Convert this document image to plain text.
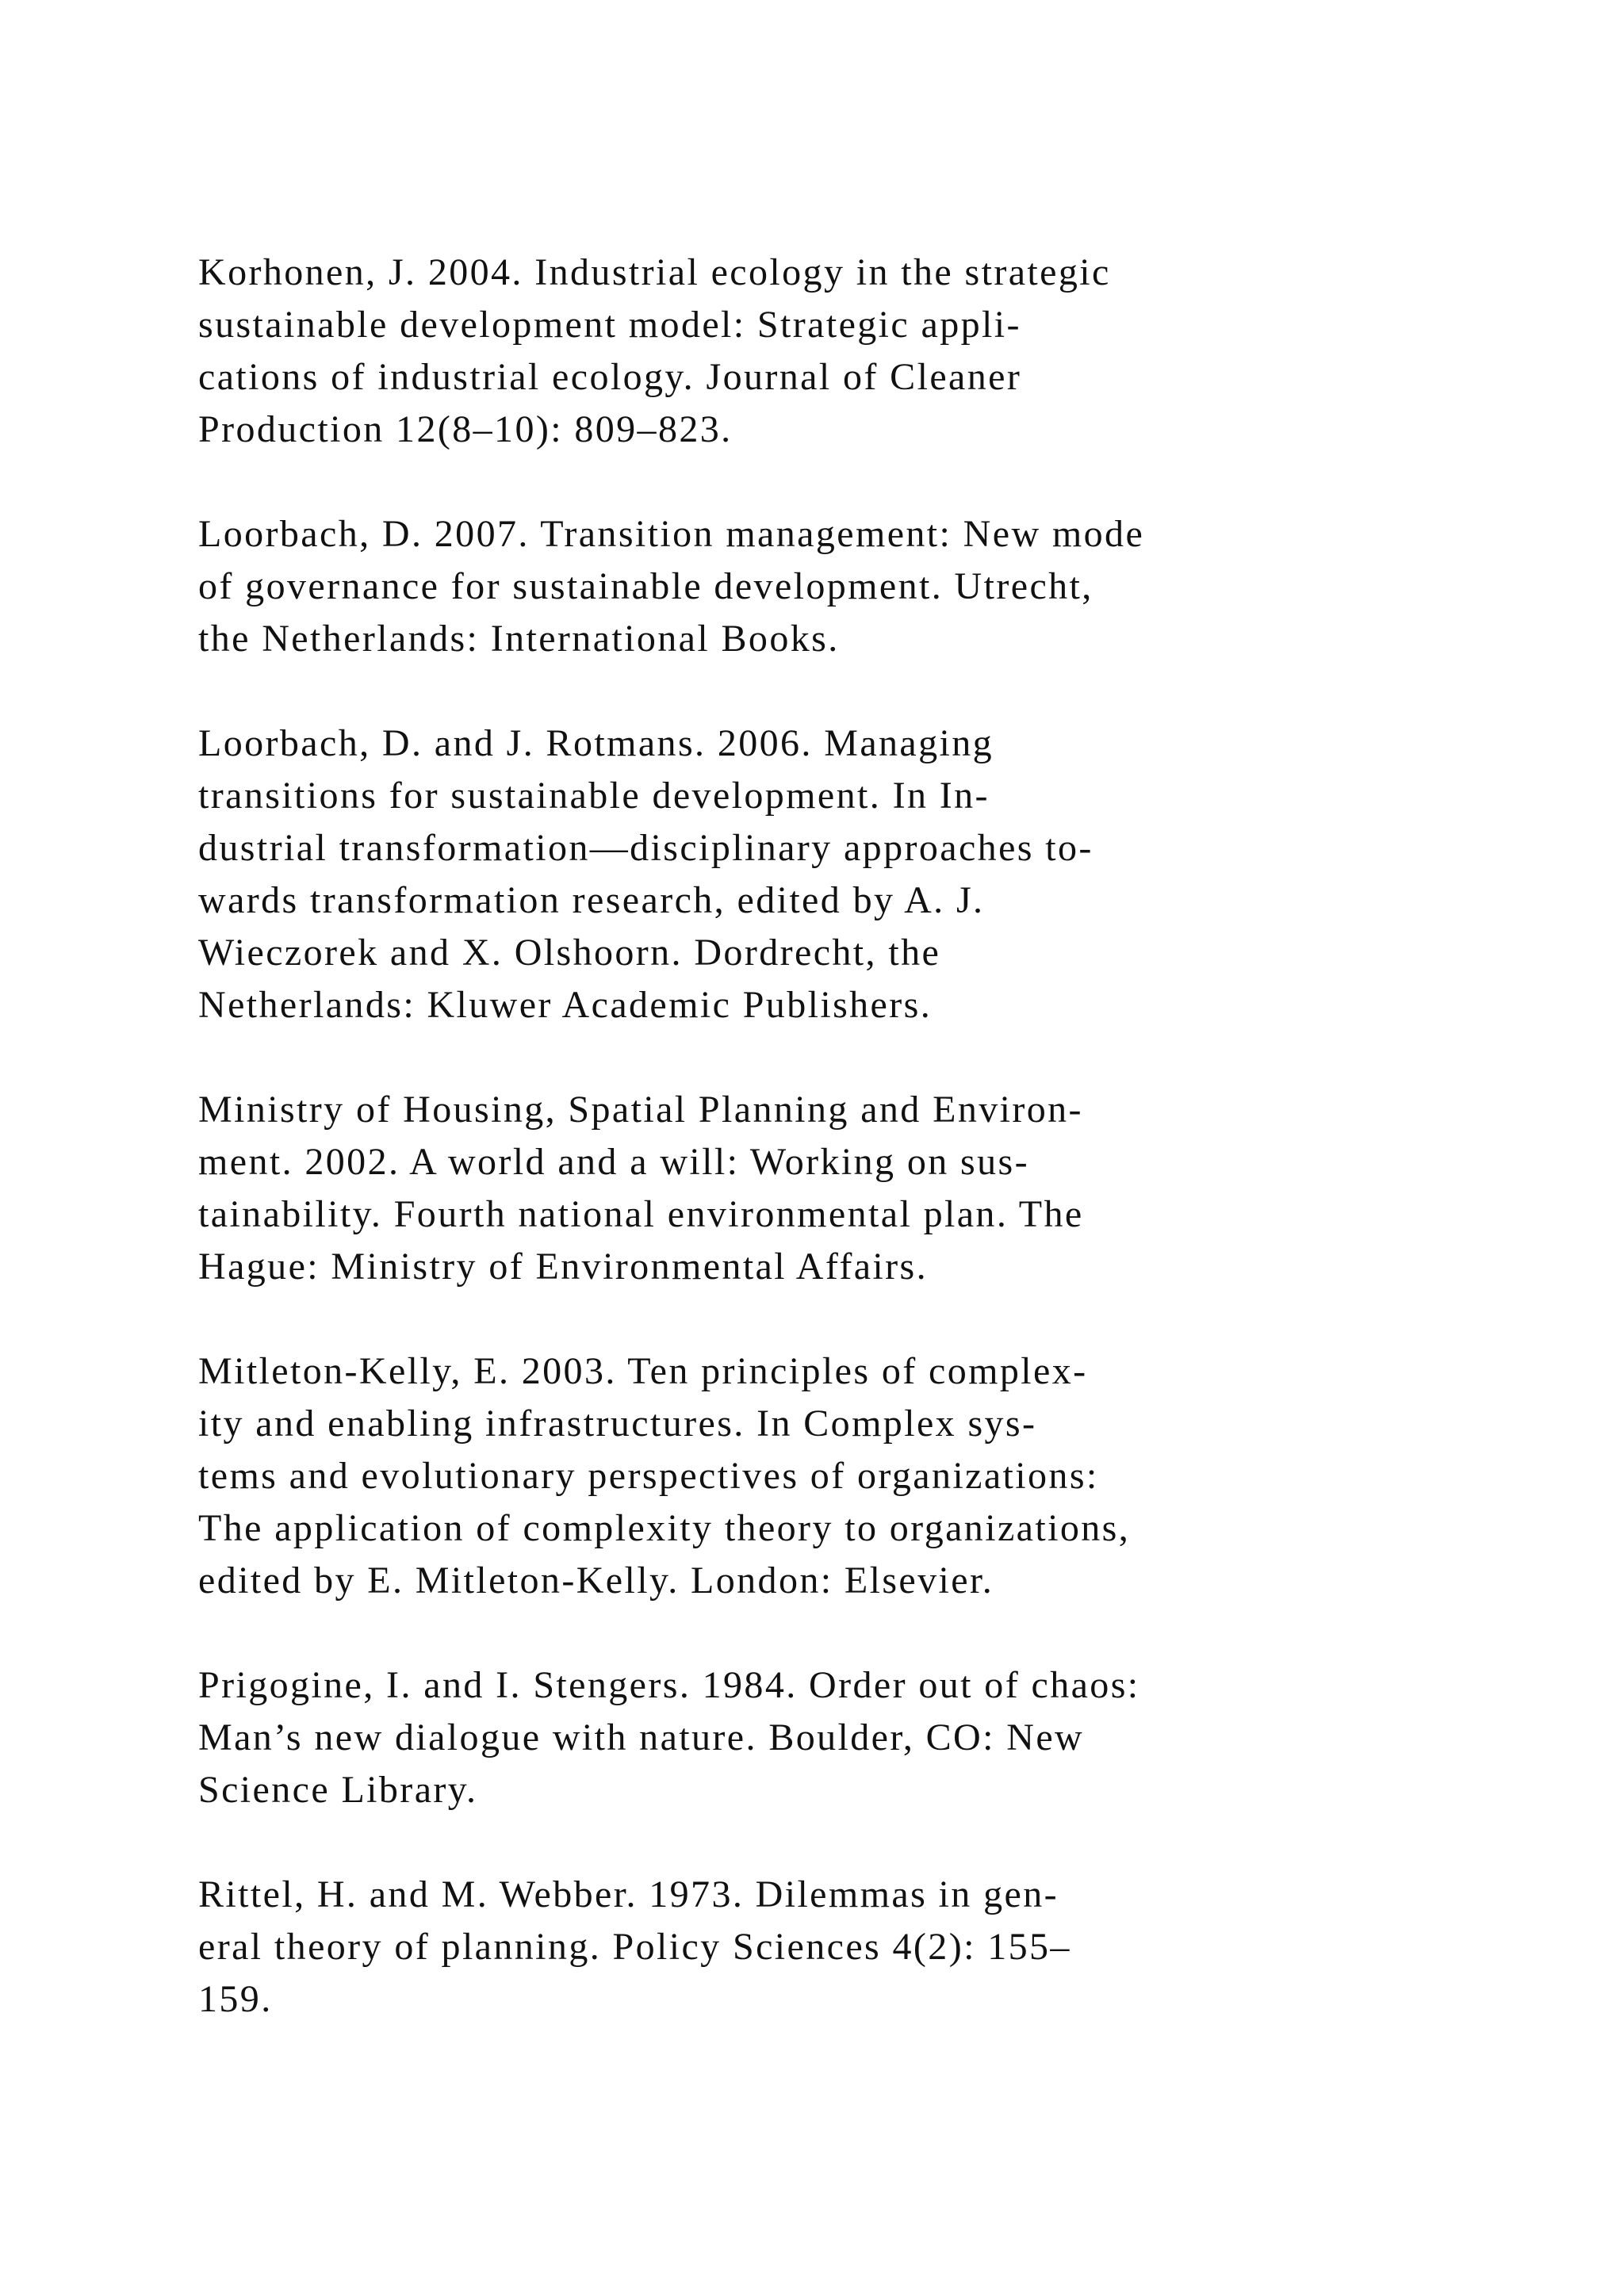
Korhonen, J. 2004. Industrial ecology in the strategic
sustainable development model: Strategic appli-
cations of industrial ecology. Journal of Cleaner
Production 12(8–10): 809–823.
Loorbach, D. 2007. Transition management: New mode
of governance for sustainable development. Utrecht,
the Netherlands: International Books.
Loorbach, D. and J. Rotmans. 2006. Managing
transitions for sustainable development. In In-
dustrial transformation—disciplinary approaches to-
wards transformation research, edited by A. J.
Wieczorek and X. Olshoorn. Dordrecht, the
Netherlands: Kluwer Academic Publishers.
Ministry of Housing, Spatial Planning and Environ-
ment. 2002. A world and a will: Working on sus-
tainability. Fourth national environmental plan. The
Hague: Ministry of Environmental Affairs.
Mitleton-Kelly, E. 2003. Ten principles of complex-
ity and enabling infrastructures. In Complex sys-
tems and evolutionary perspectives of organizations:
The application of complexity theory to organizations,
edited by E. Mitleton-Kelly. London: Elsevier.
Prigogine, I. and I. Stengers. 1984. Order out of chaos:
Man’s new dialogue with nature. Boulder, CO: New
Science Library.
Rittel, H. and M. Webber. 1973. Dilemmas in gen-
eral theory of planning. Policy Sciences 4(2): 155–
159.
